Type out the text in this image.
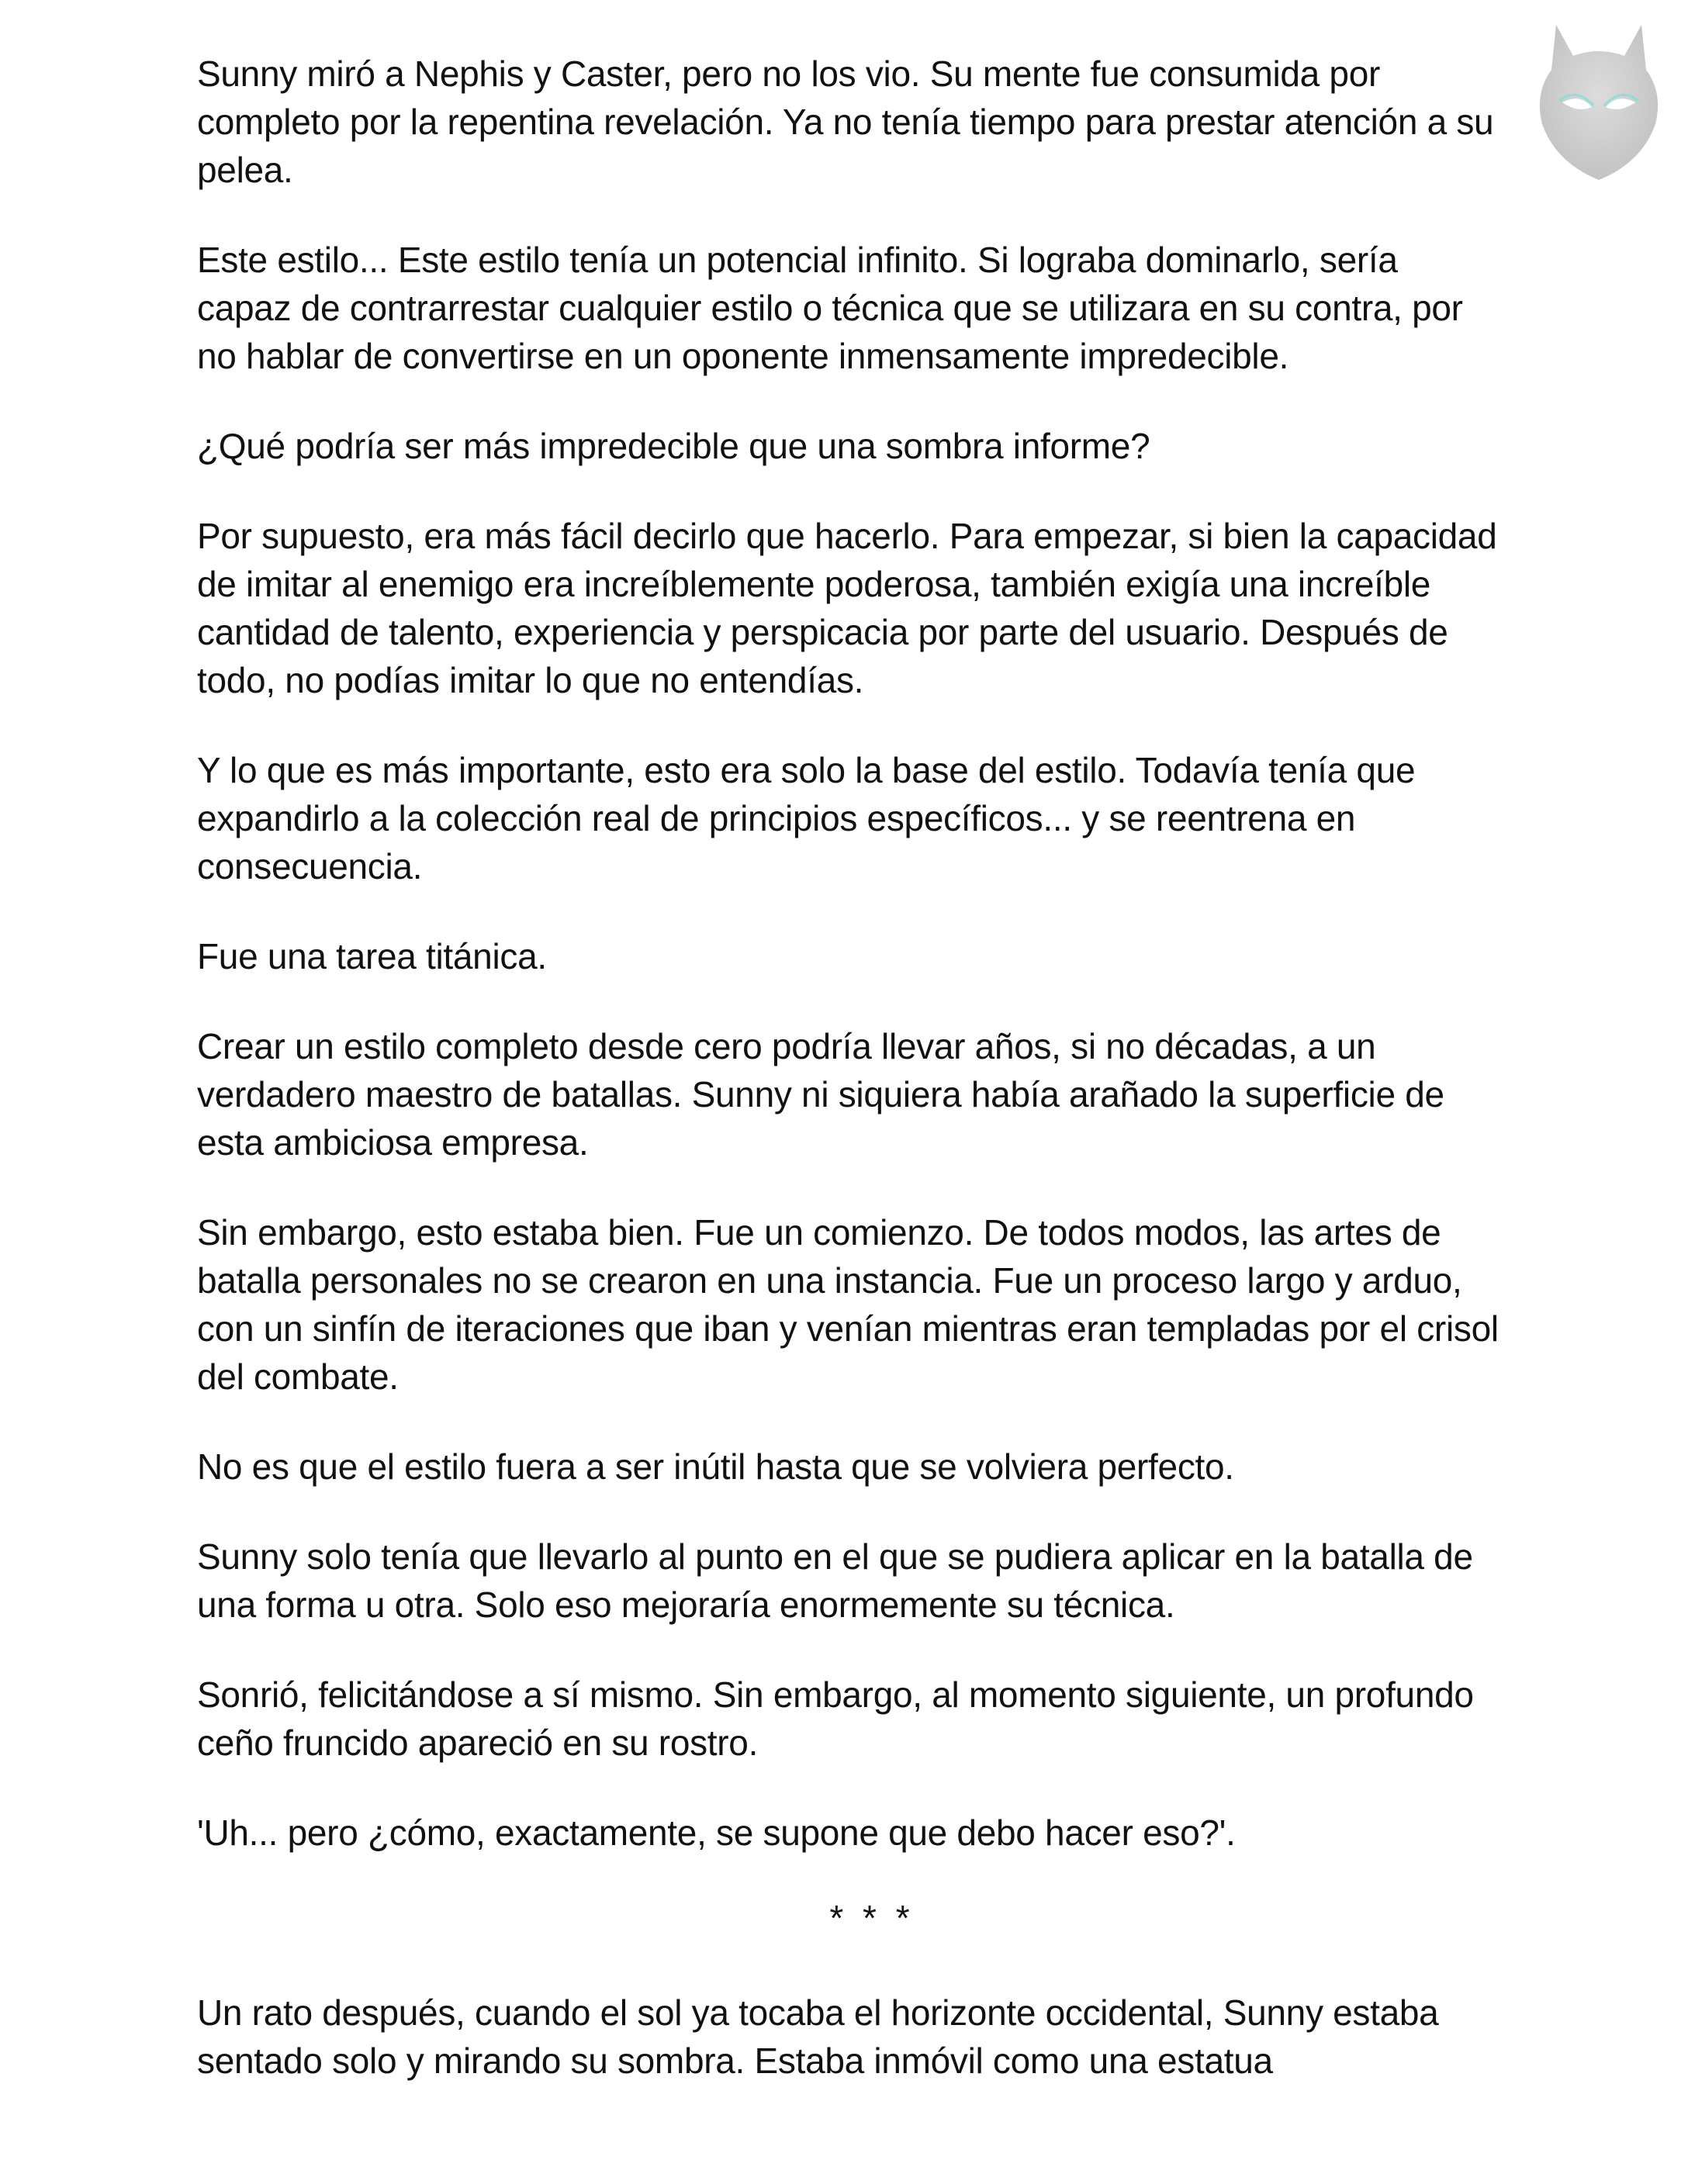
Sunny miró a Nephis y Caster, pero no los vio. Su mente fue consumida por completo por la repentina revelación. Ya no tenía tiempo para prestar atención a su pelea.

Este estilo... Este estilo tenía un potencial infinito. Si lograba dominarlo, sería capaz de contrarrestar cualquier estilo o técnica que se utilizara en su contra, por no hablar de convertirse en un oponente inmensamente impredecible.

¿Qué podría ser más impredecible que una sombra informe?

Por supuesto, era más fácil decirlo que hacerlo. Para empezar, si bien la capacidad de imitar al enemigo era increíblemente poderosa, también exigía una increíble cantidad de talento, experiencia y perspicacia por parte del usuario. Después de todo, no podías imitar lo que no entendías.

Y lo que es más importante, esto era solo la base del estilo. Todavía tenía que expandirlo a la colección real de principios específicos... y se reentrena en consecuencia.

Fue una tarea titánica.

Crear un estilo completo desde cero podría llevar años, si no décadas, a un verdadero maestro de batallas. Sunny ni siquiera había arañado la superficie de esta ambiciosa empresa.

Sin embargo, esto estaba bien. Fue un comienzo. De todos modos, las artes de batalla personales no se crearon en una instancia. Fue un proceso largo y arduo, con un sinfín de iteraciones que iban y venían mientras eran templadas por el crisol del combate.

No es que el estilo fuera a ser inútil hasta que se volviera perfecto.

Sunny solo tenía que llevarlo al punto en el que se pudiera aplicar en la batalla de una forma u otra. Solo eso mejoraría enormemente su técnica.

Sonrió, felicitándose a sí mismo. Sin embargo, al momento siguiente, un profundo ceño fruncido apareció en su rostro.

'Uh... pero ¿cómo, exactamente, se supone que debo hacer eso?'.

* * *

Un rato después, cuando el sol ya tocaba el horizonte occidental, Sunny estaba sentado solo y mirando su sombra. Estaba inmóvil como una estatua
